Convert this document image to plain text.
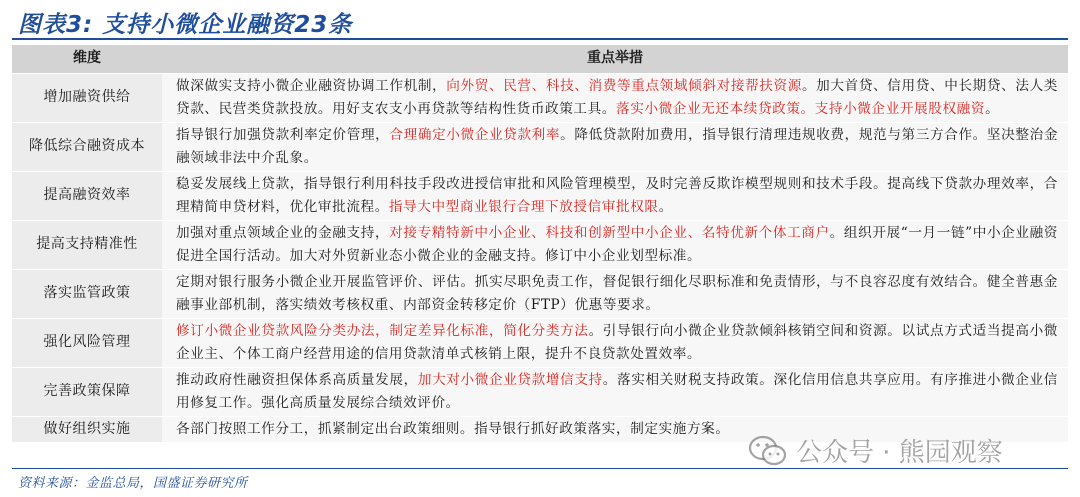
图表3: 支持小微企业融资23条
维度	重点举措
增加融资供给	做深做实支持小微企业融资协调工作机制，向外贸、民营、科技、消费等重点领域倾斜对接帮扶资源。加大首贷、信用贷、中长期贷、法人类贷款、民营类贷款投放。用好支农支小再贷款等结构性货币政策工具。落实小微企业无还本续贷政策。支持小微企业开展股权融资。
降低综合融资成本	指导银行加强贷款利率定价管理，合理确定小微企业贷款利率。降低贷款附加费用，指导银行清理违规收费，规范与第三方合作。坚决整治金融领域非法中介乱象。
提高融资效率	稳妥发展线上贷款，指导银行利用科技手段改进授信审批和风险管理模型，及时完善反欺诈模型规则和技术手段。提高线下贷款办理效率，合理精简申贷材料，优化审批流程。指导大中型商业银行合理下放授信审批权限。
提高支持精准性	加强对重点领域企业的金融支持，对接专精特新中小企业、科技和创新型中小企业、名特优新个体工商户。组织开展“一月一链”中小企业融资促进全国行活动。加大对外贸新业态小微企业的金融支持。修订中小企业划型标准。
落实监管政策	定期对银行服务小微企业开展监管评价、评估。抓实尽职免责工作，督促银行细化尽职标准和免责情形，与不良容忍度有效结合。健全普惠金融事业部机制，落实绩效考核权重、内部资金转移定价（FTP）优惠等要求。
强化风险管理	修订小微企业贷款风险分类办法，制定差异化标准，简化分类方法。引导银行向小微企业贷款倾斜核销空间和资源。以试点方式适当提高小微企业主、个体工商户经营用途的信用贷款清单式核销上限，提升不良贷款处置效率。
完善政策保障	推动政府性融资担保体系高质量发展，加大对小微企业贷款增信支持。落实相关财税支持政策。深化信用信息共享应用。有序推进小微企业信用修复工作。强化高质量发展综合绩效评价。
做好组织实施	各部门按照工作分工，抓紧制定出台政策细则。指导银行抓好政策落实，制定实施方案。
资料来源：金监总局，国盛证券研究所
公众号 · 熊园观察
